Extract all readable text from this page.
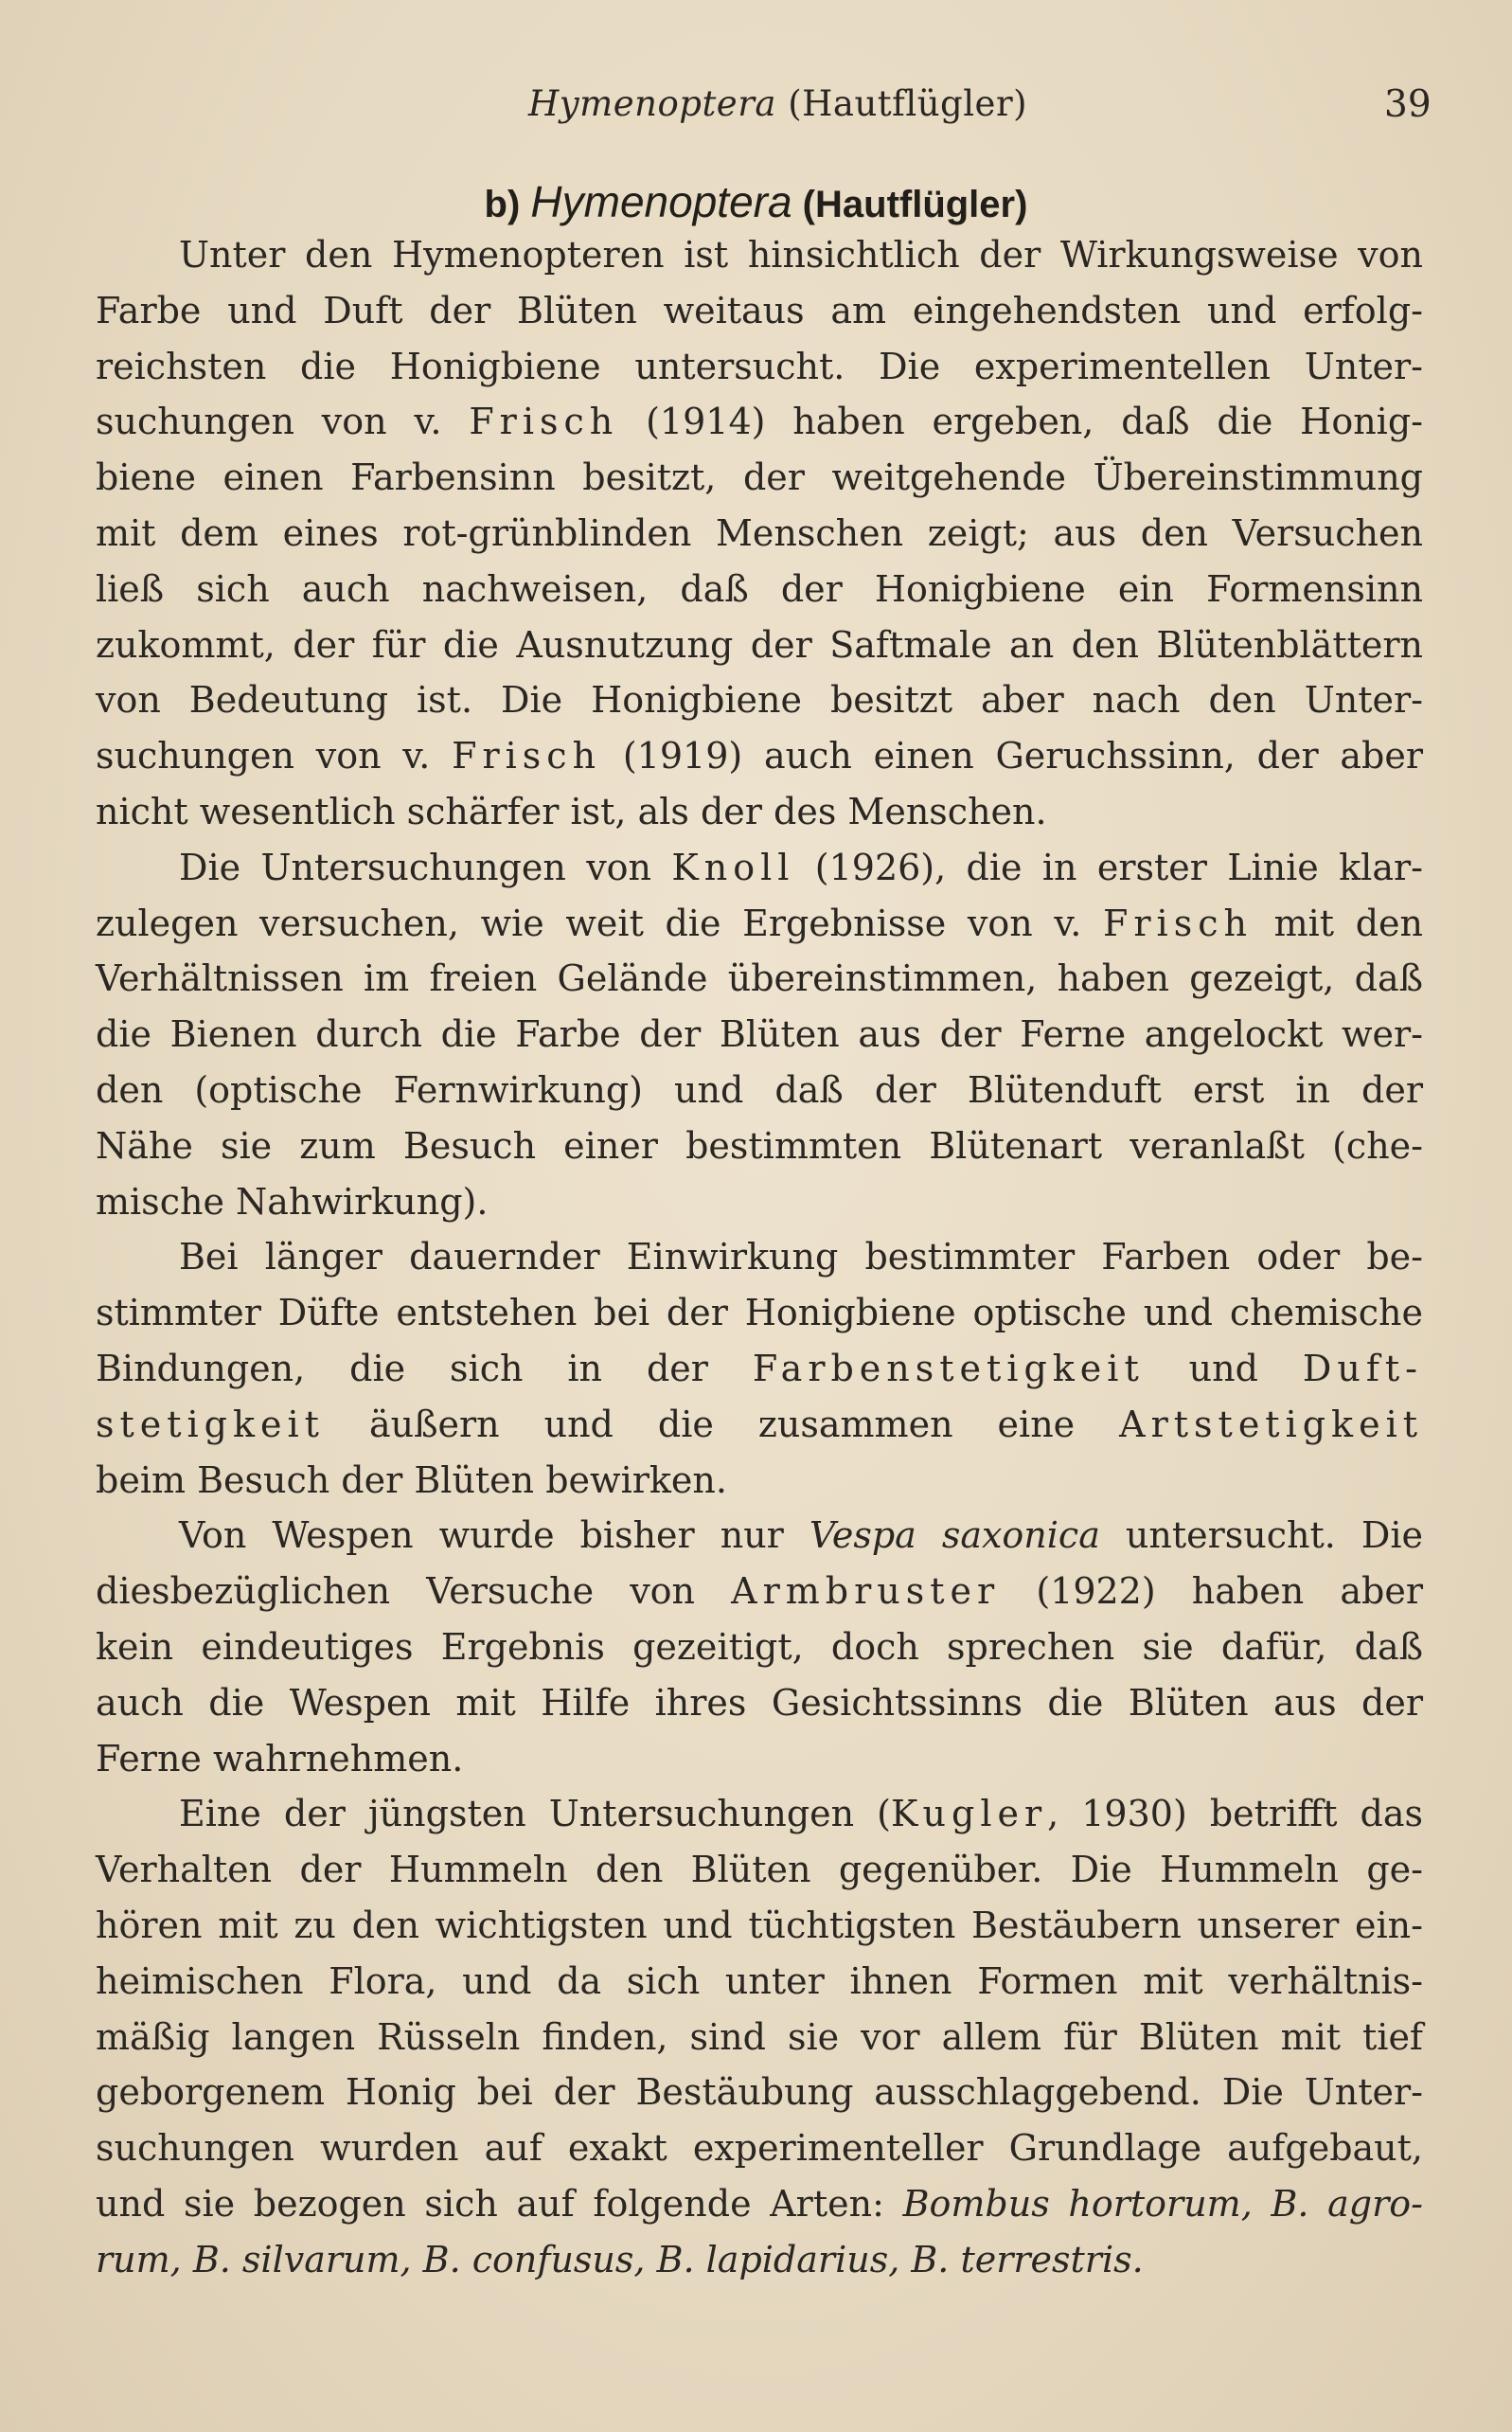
Hymenoptera (Hautflügler)	39
b) Hymenoptera (Hautflügler)
Unter den Hymenopteren ist hinsichtlich der Wirkungsweise von
Farbe und Duft der Blüten weitaus am eingehendsten und erfolg-
reichsten die Honigbiene untersucht. Die experimentellen Unter-
suchungen von v. Frisch (1914) haben ergeben, daß die Honig-
biene einen Farbensinn besitzt, der weitgehende Übereinstimmung
mit dem eines rot-grünblinden Menschen zeigt; aus den Versuchen
ließ sich auch nachweisen, daß der Honigbiene ein Formensinn
zukommt, der für die Ausnutzung der Saftmale an den Blütenblättern
von Bedeutung ist. Die Honigbiene besitzt aber nach den Unter-
suchungen von v. Frisch (1919) auch einen Geruchssinn, der aber
nicht wesentlich schärfer ist, als der des Menschen.
Die Untersuchungen von Knoll (1926), die in erster Linie klar-
zulegen versuchen, wie weit die Ergebnisse von v. Frisch mit den
Verhältnissen im freien Gelände übereinstimmen, haben gezeigt, daß
die Bienen durch die Farbe der Blüten aus der Ferne angelockt wer-
den (optische Fernwirkung) und daß der Blütenduft erst in der
Nähe sie zum Besuch einer bestimmten Blütenart veranlaßt (che-
mische Nahwirkung).
Bei länger dauernder Einwirkung bestimmter Farben oder be-
stimmter Düfte entstehen bei der Honigbiene optische und chemische
Bindungen, die sich in der Farbenstetigkeit und Duft-
stetigkeit äußern und die zusammen eine Artstetigkeit
beim Besuch der Blüten bewirken.
Von Wespen wurde bisher nur Vespa saxonica untersucht. Die
diesbezüglichen Versuche von Armbruster (1922) haben aber
kein eindeutiges Ergebnis gezeitigt, doch sprechen sie dafür, daß
auch die Wespen mit Hilfe ihres Gesichtssinns die Blüten aus der
Ferne wahrnehmen.
Eine der jüngsten Untersuchungen (Kugler, 1930) betrifft das
Verhalten der Hummeln den Blüten gegenüber. Die Hummeln ge-
hören mit zu den wichtigsten und tüchtigsten Bestäubern unserer ein-
heimischen Flora, und da sich unter ihnen Formen mit verhältnis-
mäßig langen Rüsseln finden, sind sie vor allem für Blüten mit tief
geborgenem Honig bei der Bestäubung ausschlaggebend. Die Unter-
suchungen wurden auf exakt experimenteller Grundlage aufgebaut,
und sie bezogen sich auf folgende Arten: Bombus hortorum, B. agro-
rum, B. silvarum, B. confusus, B. lapidarius, B. terrestris.
